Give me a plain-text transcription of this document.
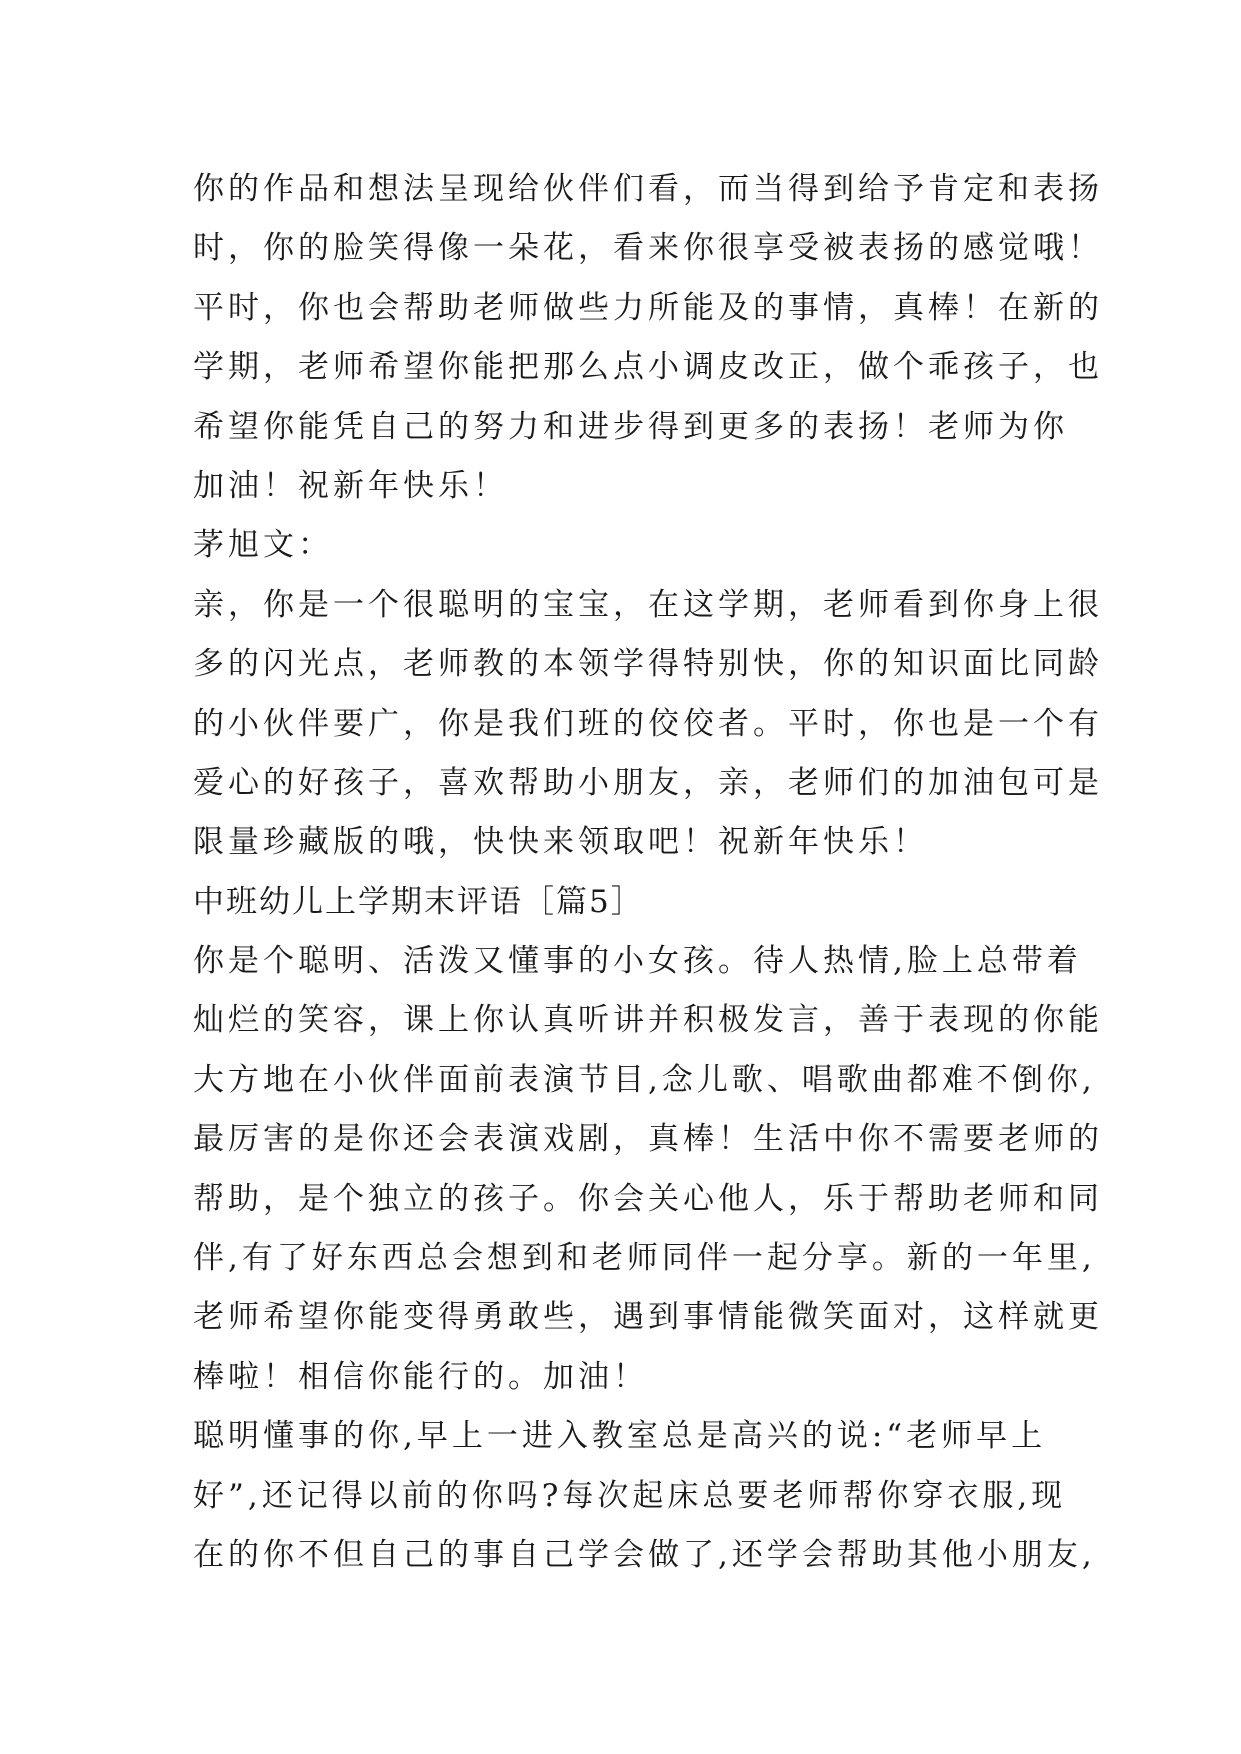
你的作品和想法呈现给伙伴们看，而当得到给予肯定和表扬
时，你的脸笑得像一朵花，看来你很享受被表扬的感觉哦！
平时，你也会帮助老师做些力所能及的事情，真棒！在新的
学期，老师希望你能把那么点小调皮改正，做个乖孩子，也
希望你能凭自己的努力和进步得到更多的表扬！老师为你
加油！祝新年快乐！
茅旭文：
亲，你是一个很聪明的宝宝，在这学期，老师看到你身上很
多的闪光点，老师教的本领学得特别快，你的知识面比同龄
的小伙伴要广，你是我们班的佼佼者。平时，你也是一个有
爱心的好孩子，喜欢帮助小朋友，亲，老师们的加油包可是
限量珍藏版的哦，快快来领取吧！祝新年快乐！
中班幼儿上学期末评语［篇5］
你是个聪明、活泼又懂事的小女孩。待人热情,脸上总带着
灿烂的笑容，课上你认真听讲并积极发言，善于表现的你能
大方地在小伙伴面前表演节目,念儿歌、唱歌曲都难不倒你,
最厉害的是你还会表演戏剧，真棒！生活中你不需要老师的
帮助，是个独立的孩子。你会关心他人，乐于帮助老师和同
伴,有了好东西总会想到和老师同伴一起分享。新的一年里,
老师希望你能变得勇敢些，遇到事情能微笑面对，这样就更
棒啦！相信你能行的。加油！
聪明懂事的你,早上一进入教室总是高兴的说:“老师早上
好”,还记得以前的你吗?每次起床总要老师帮你穿衣服,现
在的你不但自己的事自己学会做了,还学会帮助其他小朋友,
